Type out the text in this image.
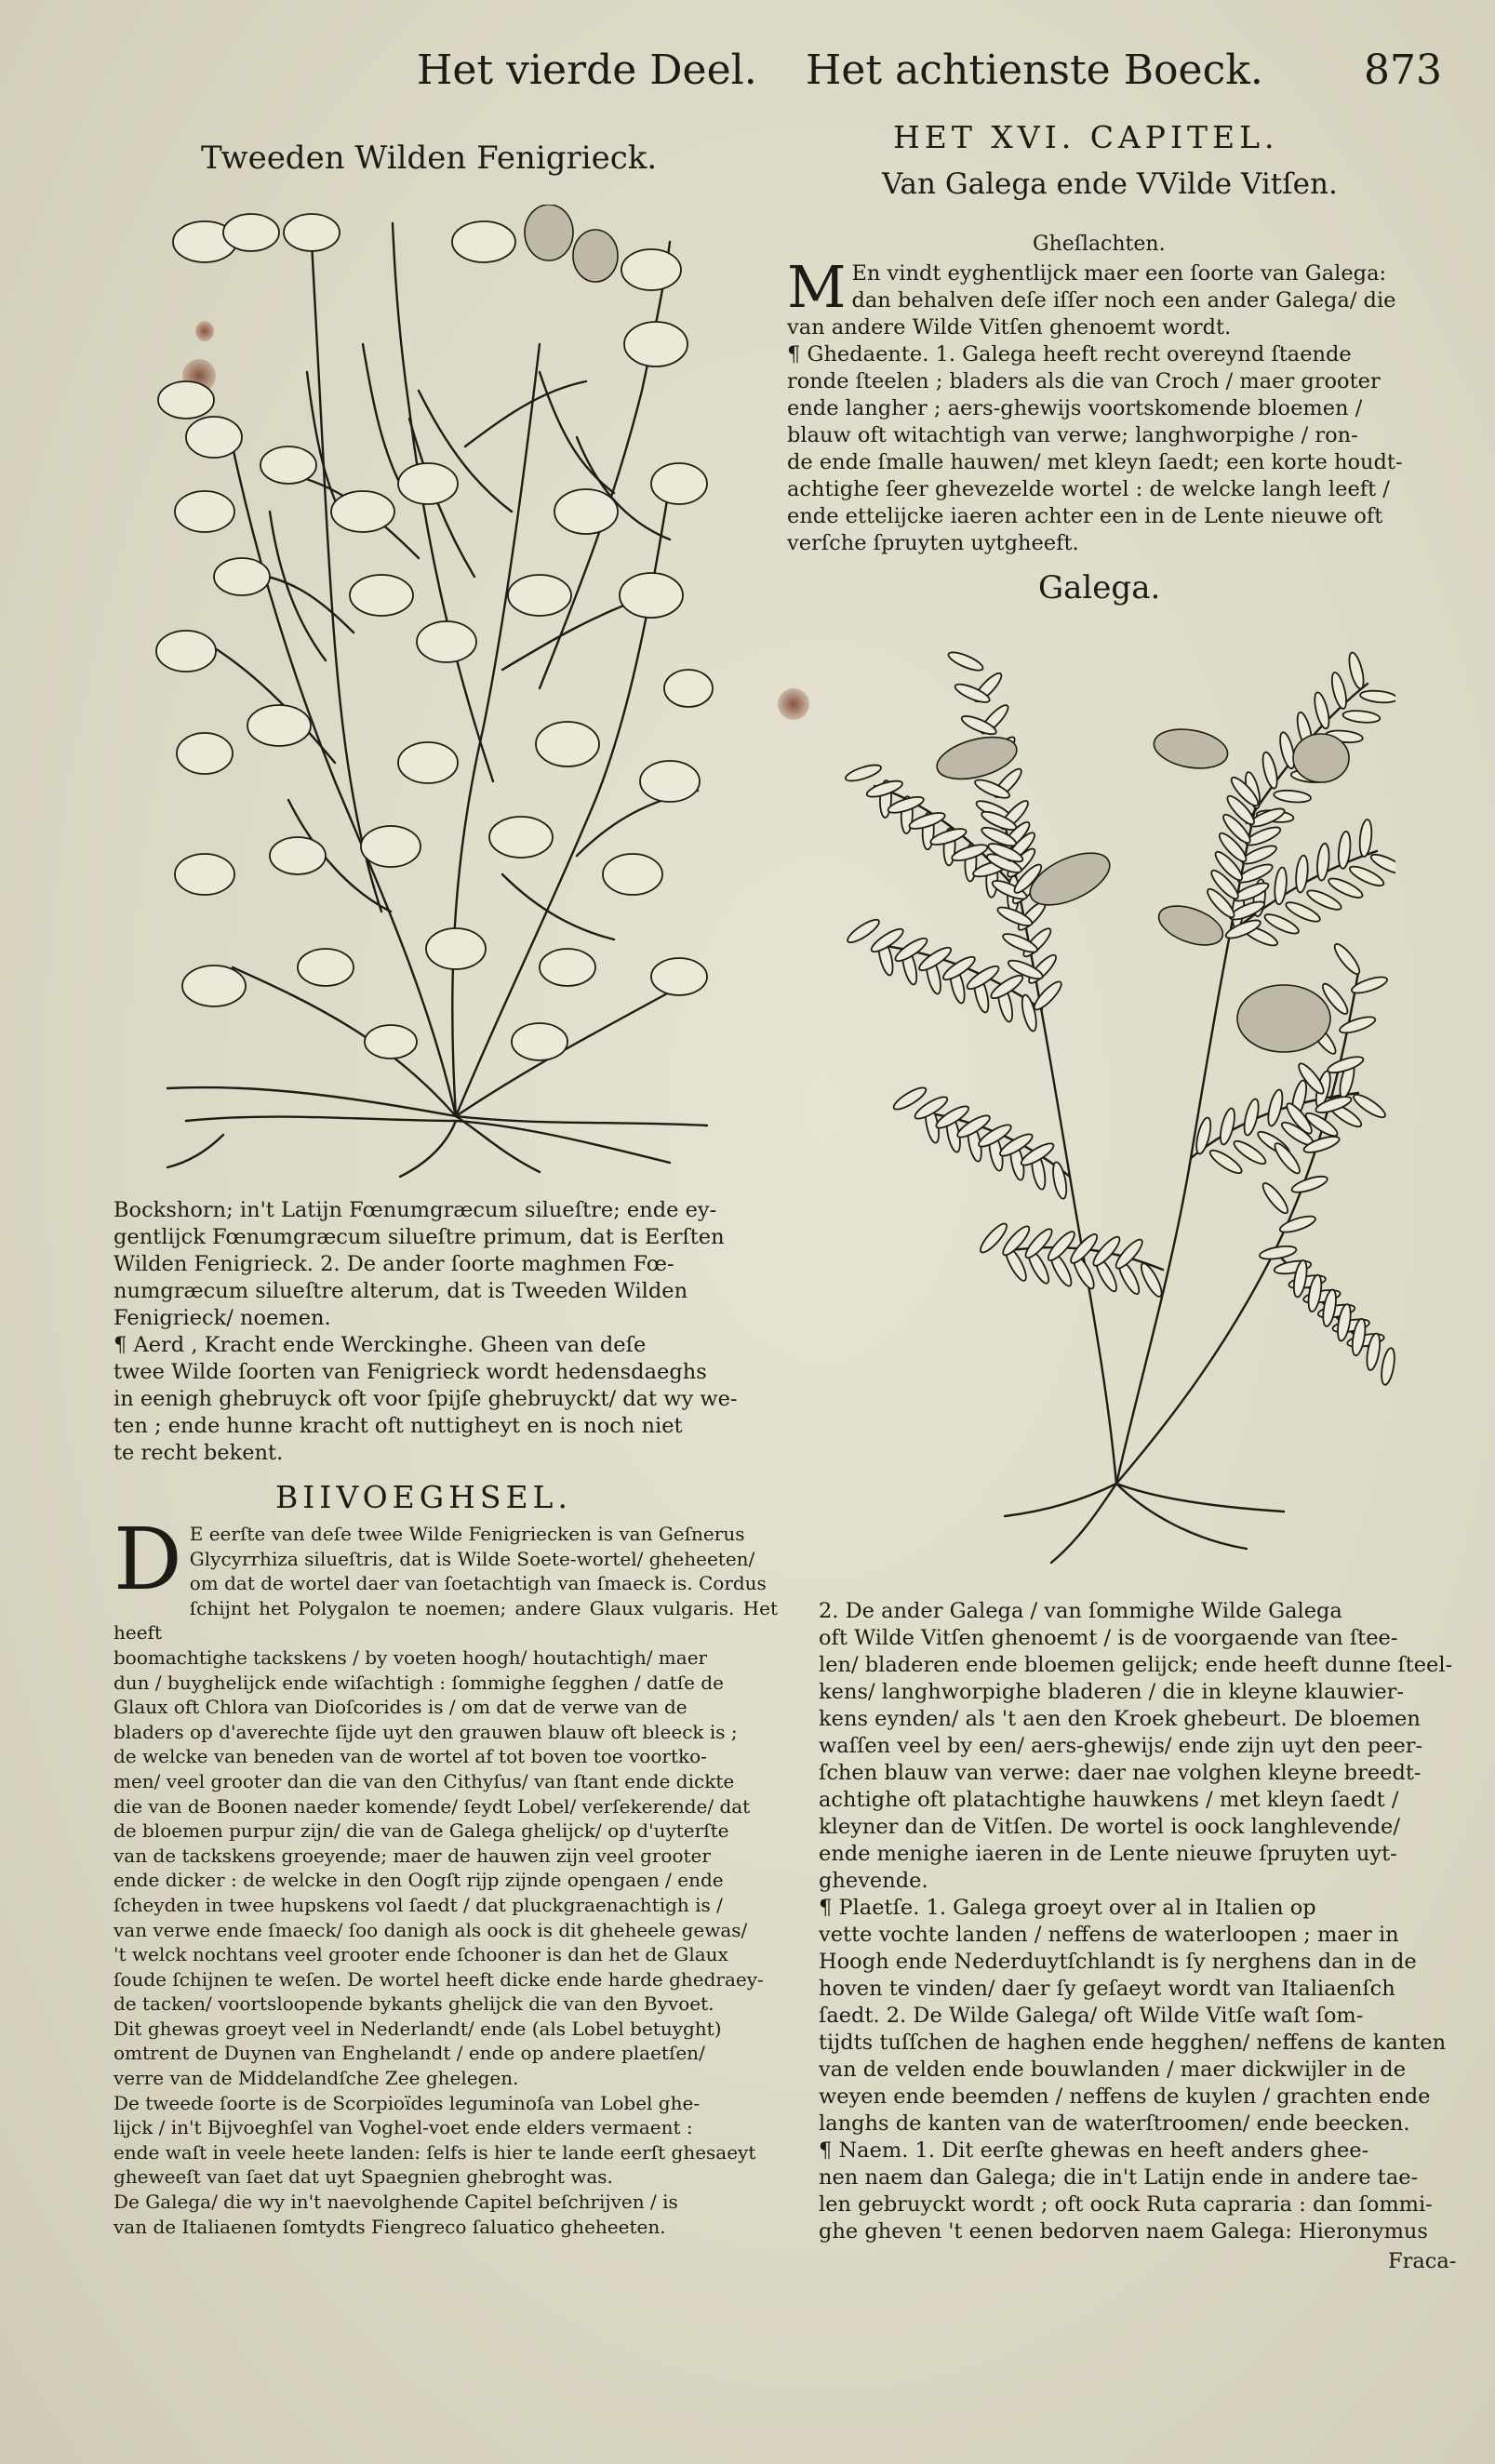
Het vierde Deel. Het achtienste Boeck. 873
Tweeden Wilden Fenigrieck.

Bockshorn; in't Latijn Fœnumgræcum silueſtre; ende ey-

gentlijck Fœnumgræcum silueſtre primum, dat is Eerſten

Wilden Fenigrieck. 2. De ander ſoorte maghmen Fœ-

numgræcum silueſtre alterum, dat is Tweeden Wilden

Fenigrieck/ noemen.

¶ Aerd , Kracht ende Werckinghe. Gheen van deſe

twee Wilde ſoorten van Fenigrieck wordt hedensdaeghs

in eenigh ghebruyck oft voor ſpijſe ghebruyckt/ dat wy we-

ten ; ende hunne kracht oft nuttigheyt en is noch niet

te recht bekent.

BIIVOEGHSEL.
D E eerſte van deſe twee Wilde Fenigriecken is van Geſnerus

Glycyrrhiza silueſtris, dat is Wilde Soete-wortel/ gheheeten/

om dat de wortel daer van ſoetachtigh van ſmaeck is. Cordus

ſchijnt het Polygalon te noemen; andere Glaux vulgaris. Het heeft

boomachtighe tackskens / by voeten hoogh/ houtachtigh/ maer

dun / buyghelijck ende wiſachtigh : ſommighe ſegghen / datſe de

Glaux oft Chlora van Dioſcorides is / om dat de verwe van de

bladers op d'averechte ſijde uyt den grauwen blauw oft bleeck is ;

de welcke van beneden van de wortel af tot boven toe voortko-

men/ veel grooter dan die van den Cithyſus/ van ſtant ende dickte

die van de Boonen naeder komende/ ſeydt Lobel/ verſekerende/ dat

de bloemen purpur zijn/ die van de Galega ghelijck/ op d'uyterſte

van de tackskens groeyende; maer de hauwen zijn veel grooter

ende dicker : de welcke in den Oogſt rijp zijnde opengaen / ende

ſcheyden in twee hupskens vol ſaedt / dat pluckgraenachtigh is /

van verwe ende ſmaeck/ ſoo danigh als oock is dit gheheele gewas/

't welck nochtans veel grooter ende ſchooner is dan het de Glaux

ſoude ſchijnen te weſen. De wortel heeft dicke ende harde ghedraey-

de tacken/ voortsloopende bykants ghelijck die van den Byvoet.

Dit ghewas groeyt veel in Nederlandt/ ende (als Lobel betuyght)

omtrent de Duynen van Enghelandt / ende op andere plaetſen/

verre van de Middelandſche Zee ghelegen.

De tweede ſoorte is de Scorpioïdes leguminoſa van Lobel ghe-

lijck / in't Bijvoeghſel van Voghel-voet ende elders vermaent :

ende waſt in veele heete landen: ſelfs is hier te lande eerſt ghesaeyt

gheweeſt van ſaet dat uyt Spaegnien ghebroght was.

De Galega/ die wy in't naevolghende Capitel beſchrijven / is

van de Italiaenen ſomtydts Fiengreco ſaluatico gheheeten.

HET XVI. CAPITEL.
Van Galega ende VVilde Vitſen.
Gheſlachten.
M En vindt eyghentlijck maer een ſoorte van Galega:

dan behalven deſe iſſer noch een ander Galega/ die

van andere Wilde Vitſen ghenoemt wordt.

¶ Ghedaente. 1. Galega heeft recht overeynd ſtaende

ronde ſteelen ; bladers als die van Croch / maer grooter

ende langher ; aers-ghewijs voortskomende bloemen /

blauw oft witachtigh van verwe; langhworpighe / ron-

de ende ſmalle hauwen/ met kleyn ſaedt; een korte houdt-

achtighe ſeer ghevezelde wortel : de welcke langh leeft /

ende ettelijcke iaeren achter een in de Lente nieuwe oft

verſche ſpruyten uytgheeft.

Galega.

2. De ander Galega / van ſommighe Wilde Galega

oft Wilde Vitſen ghenoemt / is de voorgaende van ſtee-

len/ bladeren ende bloemen gelijck; ende heeft dunne ſteel-

kens/ langhworpighe bladeren / die in kleyne klauwier-

kens eynden/ als 't aen den Kroek ghebeurt. De bloemen

waſſen veel by een/ aers-ghewijs/ ende zijn uyt den peer-

ſchen blauw van verwe: daer nae volghen kleyne breedt-

achtighe oft platachtighe hauwkens / met kleyn ſaedt /

kleyner dan de Vitſen. De wortel is oock langhlevende/

ende menighe iaeren in de Lente nieuwe ſpruyten uyt-

ghevende.

¶ Plaetſe. 1. Galega groeyt over al in Italien op

vette vochte landen / neffens de waterloopen ; maer in

Hoogh ende Nederduytſchlandt is ſy nerghens dan in de

hoven te vinden/ daer ſy geſaeyt wordt van Italiaenſch

ſaedt. 2. De Wilde Galega/ oft Wilde Vitſe waſt ſom-

tijdts tuſſchen de haghen ende hegghen/ neffens de kanten

van de velden ende bouwlanden / maer dickwijler in de

weyen ende beemden / neffens de kuylen / grachten ende

langhs de kanten van de waterſtroomen/ ende beecken.

¶ Naem. 1. Dit eerſte ghewas en heeft anders ghee-

nen naem dan Galega; die in't Latijn ende in andere tae-

len gebruyckt wordt ; oft oock Ruta capraria : dan ſommi-

ghe gheven 't eenen bedorven naem Galega: Hieronymus

Fraca-
